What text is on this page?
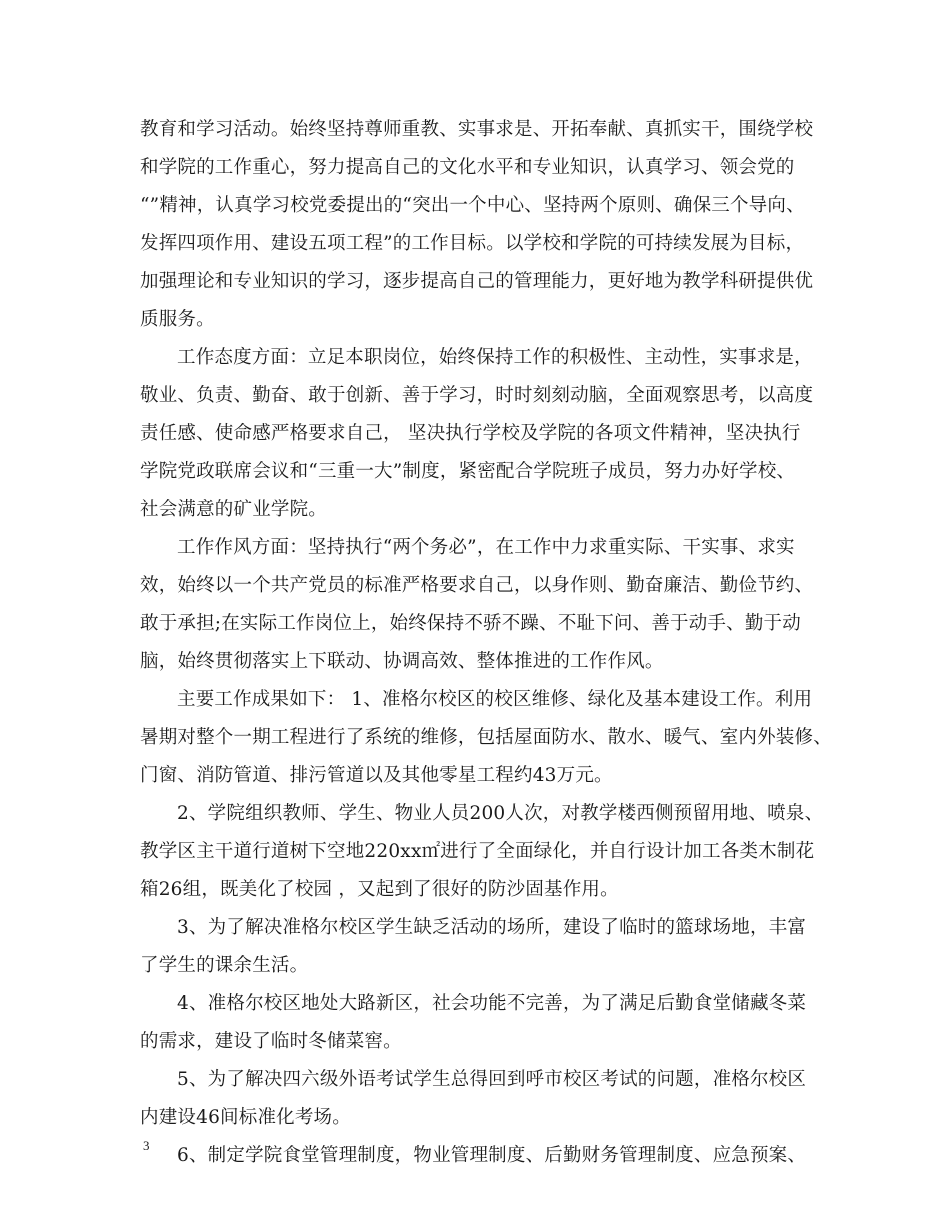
教育和学习活动。始终坚持尊师重教、实事求是、开拓奉献、真抓实干，围绕学校
和学院的工作重心，努力提高自己的文化水平和专业知识，认真学习、领会党的
“”精神，认真学习校党委提出的“突出一个中心、坚持两个原则、确保三个导向、
发挥四项作用、建设五项工程”的工作目标。以学校和学院的可持续发展为目标，
加强理论和专业知识的学习，逐步提高自己的管理能力，更好地为教学科研提供优
质服务。
工作态度方面：立足本职岗位，始终保持工作的积极性、主动性，实事求是，
敬业、负责、勤奋、敢于创新、善于学习，时时刻刻动脑，全面观察思考，以高度
责任感、使命感严格要求自己， 坚决执行学校及学院的各项文件精神，坚决执行
学院党政联席会议和“三重一大”制度，紧密配合学院班子成员，努力办好学校、
社会满意的矿业学院。
工作作风方面：坚持执行“两个务必”，在工作中力求重实际、干实事、求实
效，始终以一个共产党员的标准严格要求自己，以身作则、勤奋廉洁、勤俭节约、
敢于承担;在实际工作岗位上，始终保持不骄不躁、不耻下问、善于动手、勤于动
脑，始终贯彻落实上下联动、协调高效、整体推进的工作作风。
主要工作成果如下： 1、准格尔校区的校区维修、绿化及基本建设工作。利用
暑期对整个一期工程进行了系统的维修，包括屋面防水、散水、暖气、室内外装修、
门窗、消防管道、排污管道以及其他零星工程约43万元。
2、学院组织教师、学生、物业人员200人次，对教学楼西侧预留用地、喷泉、
教学区主干道行道树下空地220xx㎡进行了全面绿化，并自行设计加工各类木制花
箱26组，既美化了校园 ，又起到了很好的防沙固基作用。
3、为了解决准格尔校区学生缺乏活动的场所，建设了临时的篮球场地，丰富
了学生的课余生活。
4、准格尔校区地处大路新区，社会功能不完善，为了满足后勤食堂储藏冬菜
的需求，建设了临时冬储菜窖。
5、为了解决四六级外语考试学生总得回到呼市校区考试的问题，准格尔校区
内建设46间标准化考场。
6、制定学院食堂管理制度，物业管理制度、后勤财务管理制度、应急预案、
3
